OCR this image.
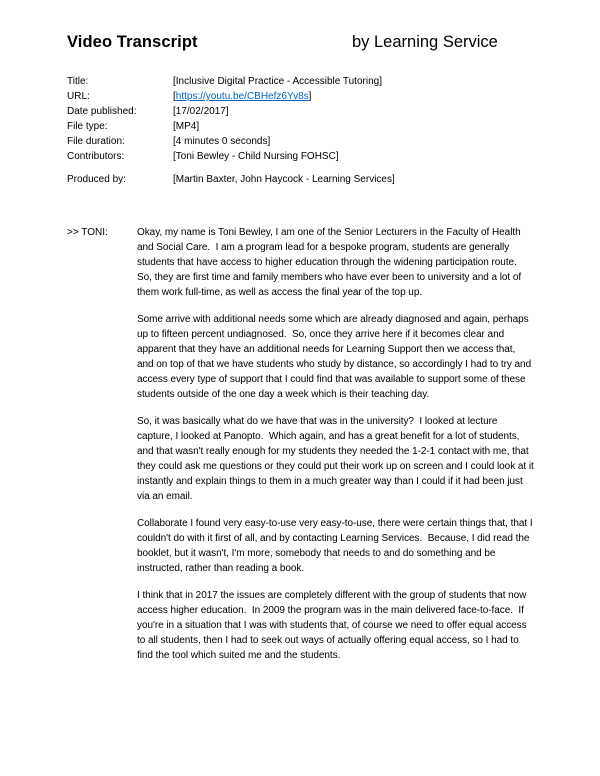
Video Transcript	by Learning Service
Title:	[Inclusive Digital Practice - Accessible Tutoring]
URL:	[https://youtu.be/CBHefz6Yv8s]
Date published:	[17/02/2017]
File type:	[MP4]
File duration:	[4 minutes 0 seconds]
Contributors:	[Toni Bewley - Child Nursing FOHSC]
Produced by:	[Martin Baxter, John Haycock - Learning Services]
>> TONI:	Okay, my name is Toni Bewley, I am one of the Senior Lecturers in the Faculty of Health and Social Care.  I am a program lead for a bespoke program, students are generally students that have access to higher education through the widening participation route.  So, they are first time and family members who have ever been to university and a lot of them work full-time, as well as access the final year of the top up.

Some arrive with additional needs some which are already diagnosed and again, perhaps up to fifteen percent undiagnosed.  So, once they arrive here if it becomes clear and apparent that they have an additional needs for Learning Support then we access that, and on top of that we have students who study by distance, so accordingly I had to try and access every type of support that I could find that was available to support some of these students outside of the one day a week which is their teaching day.

So, it was basically what do we have that was in the university?  I looked at lecture capture, I looked at Panopto.  Which again, and has a great benefit for a lot of students, and that wasn't really enough for my students they needed the 1-2-1 contact with me, that they could ask me questions or they could put their work up on screen and I could look at it instantly and explain things to them in a much greater way than I could if it had been just via an email.

Collaborate I found very easy-to-use very easy-to-use, there were certain things that, that I couldn't do with it first of all, and by contacting Learning Services.  Because, I did read the booklet, but it wasn't, I'm more, somebody that needs to and do something and be instructed, rather than reading a book.

I think that in 2017 the issues are completely different with the group of students that now access higher education.  In 2009 the program was in the main delivered face-to-face.  If you're in a situation that I was with students that, of course we need to offer equal access to all students, then I had to seek out ways of actually offering equal access, so I had to find the tool which suited me and the students.
